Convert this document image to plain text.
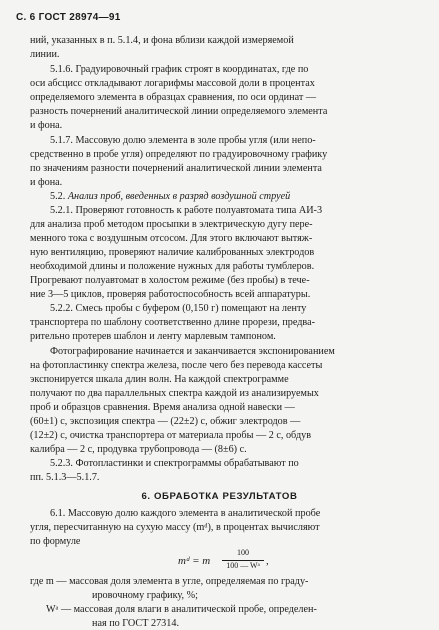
С. 6 ГОСТ 28974—91
ний, указанных в п. 5.1.4, и фона вблизи каждой измеряемой
линии.
5.1.6. Градуировочный график строят в координатах, где по
оси абсцисс откладывают логарифмы массовой доли в процентах
определяемого элемента в образцах сравнения, по оси ординат —
разность почернений аналитической линии определяемого элемента
и фона.
5.1.7. Массовую долю элемента в золе пробы угля (или непо-
средственно в пробе угля) определяют по градуировочному графику
по значениям разности почернений аналитической линии элемента
и фона.
5.2. Анализ проб, введенных в разряд воздушной струей
5.2.1. Проверяют готовность к работе полуавтомата типа АИ-3
для анализа проб методом просыпки в электрическую дугу пере-
менного тока с воздушным отсосом. Для этого включают вытяж-
ную вентиляцию, проверяют наличие калиброванных электродов
необходимой длины и положение нужных для работы тумблеров.
Прогревают полуавтомат в холостом режиме (без пробы) в тече-
ние 3—5 циклов, проверяя работоспособность всей аппаратуры.
5.2.2. Смесь пробы с буфером (0,150 г) помещают на ленту
транспортера по шаблону соответственно длине прорези, предва-
рительно протерев шаблон и ленту марлевым тампоном.
Фотографирование начинается и заканчивается экспонированием
на фотопластинку спектра железа, после чего без перевода кассеты
экспонируется шкала длин волн. На каждой спектрограмме
получают по два параллельных спектра каждой из анализируемых
проб и образцов сравнения. Время анализа одной навески —
(60±1) с, экспозиция спектра — (22±2) с, обжиг электродов —
(12±2) с, очистка транспортера от материала пробы — 2 с, обдув
калибра — 2 с, продувка трубопровода — (8±6) с.
5.2.3. Фотопластинки и спектрограммы обрабатывают по
пп. 5.1.3—5.1.7.
6. ОБРАБОТКА РЕЗУЛЬТАТОВ
6.1. Массовую долю каждого элемента в аналитической пробе
угля, пересчитанную на сухую массу (mᵈ), в процентах вычисляют
по формуле
mᵈ = m
100
100 — Wᵃ ,
где m — массовая доля элемента в угле, определяемая по граду-
ировочному графику, %;
Wᵃ — массовая доля влаги в аналитической пробе, определен-
ная по ГОСТ 27314.
